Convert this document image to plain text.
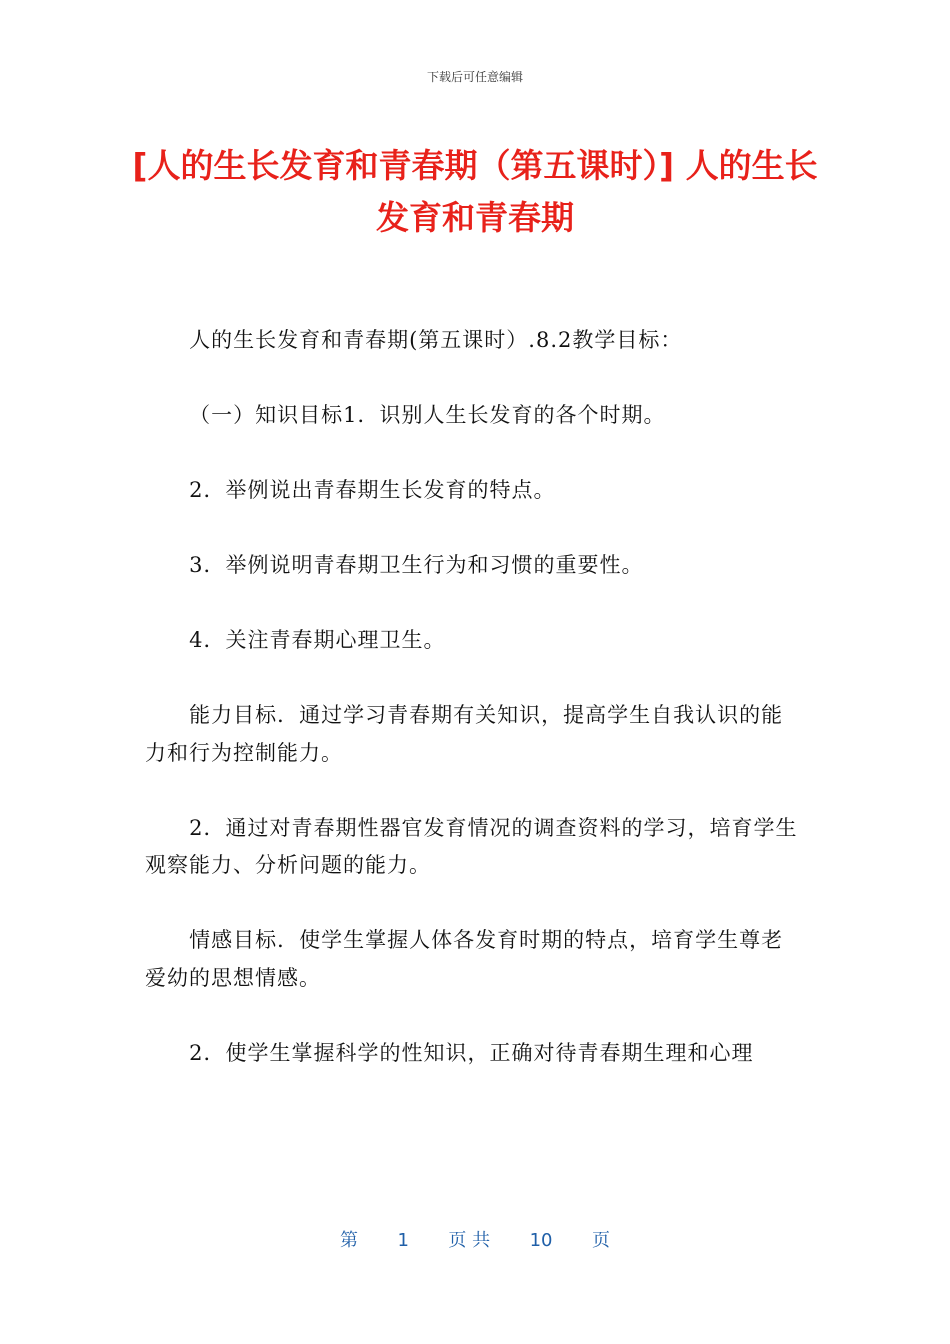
下载后可任意编辑
[人的生长发育和青春期（第五课时）] 人的生长发育和青春期

人的生长发育和青春期(第五课时）.8.2教学目标：

（一）知识目标1．识别人生长发育的各个时期。

2．举例说出青春期生长发育的特点。

3．举例说明青春期卫生行为和习惯的重要性。

4．关注青春期心理卫生。

能力目标．通过学习青春期有关知识，提高学生自我认识的能力和行为控制能力。

2．通过对青春期性器官发育情况的调查资料的学习，培育学生观察能力、分析问题的能力。

情感目标．使学生掌握人体各发育时期的特点，培育学生尊老爱幼的思想情感。

2．使学生掌握科学的性知识，正确对待青春期生理和心理

第 1 页 共 10 页
